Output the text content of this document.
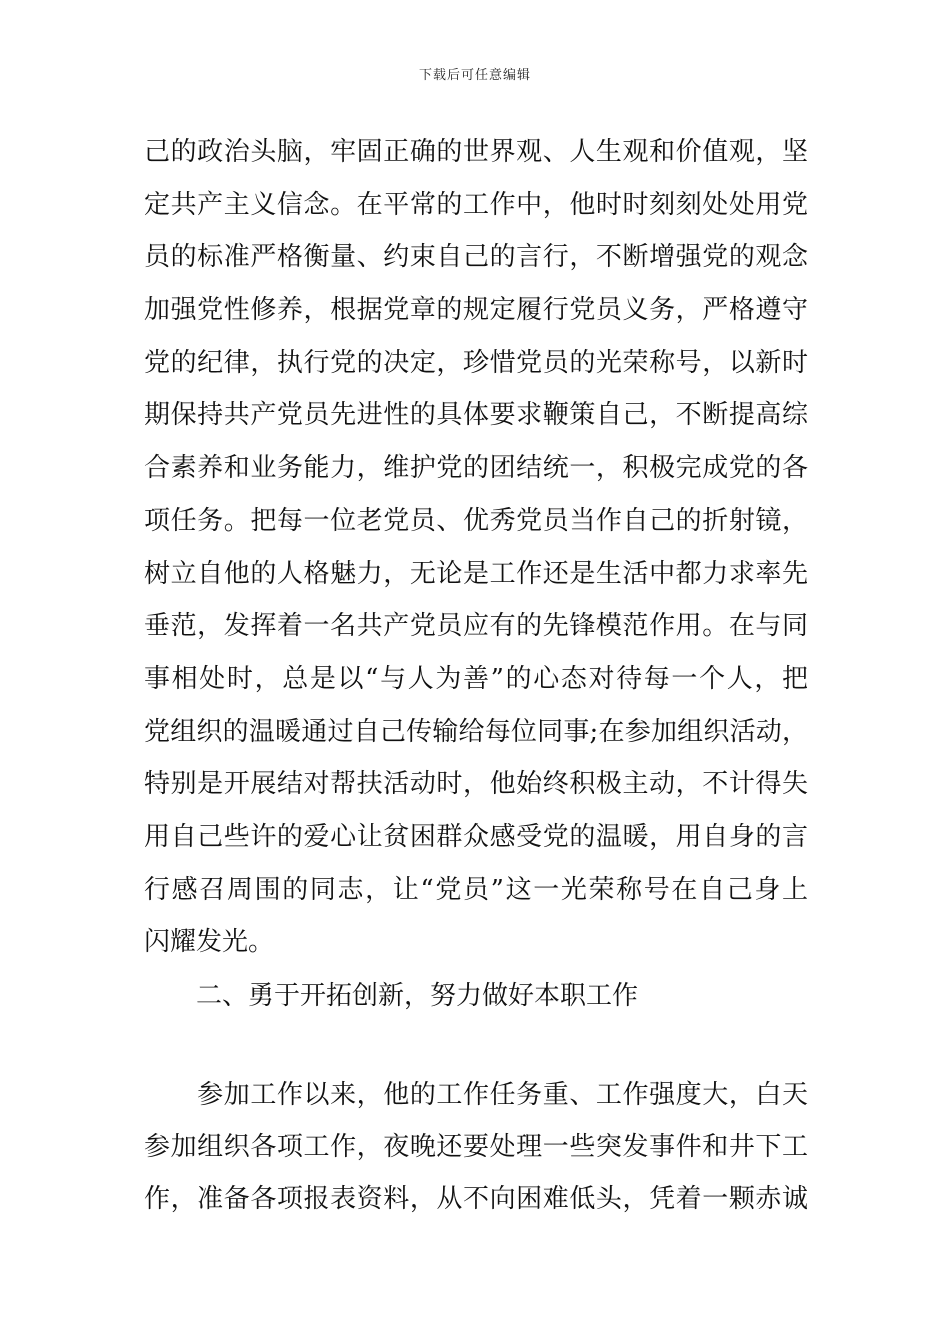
下载后可任意编辑
己的政治头脑，牢固正确的世界观、人生观和价值观，坚
定共产主义信念。在平常的工作中，他时时刻刻处处用党
员的标准严格衡量、约束自己的言行，不断增强党的观念
加强党性修养，根据党章的规定履行党员义务，严格遵守
党的纪律，执行党的决定，珍惜党员的光荣称号，以新时
期保持共产党员先进性的具体要求鞭策自己，不断提高综
合素养和业务能力，维护党的团结统一，积极完成党的各
项任务。把每一位老党员、优秀党员当作自己的折射镜，
树立自他的人格魅力，无论是工作还是生活中都力求率先
垂范，发挥着一名共产党员应有的先锋模范作用。在与同
事相处时，总是以“与人为善”的心态对待每一个人，把
党组织的温暖通过自己传输给每位同事;在参加组织活动，
特别是开展结对帮扶活动时，他始终积极主动，不计得失
用自己些许的爱心让贫困群众感受党的温暖，用自身的言
行感召周围的同志，让“党员”这一光荣称号在自己身上
闪耀发光。
二、勇于开拓创新，努力做好本职工作
　　参加工作以来，他的工作任务重、工作强度大，白天
参加组织各项工作，夜晚还要处理一些突发事件和井下工
作，准备各项报表资料，从不向困难低头，凭着一颗赤诚
